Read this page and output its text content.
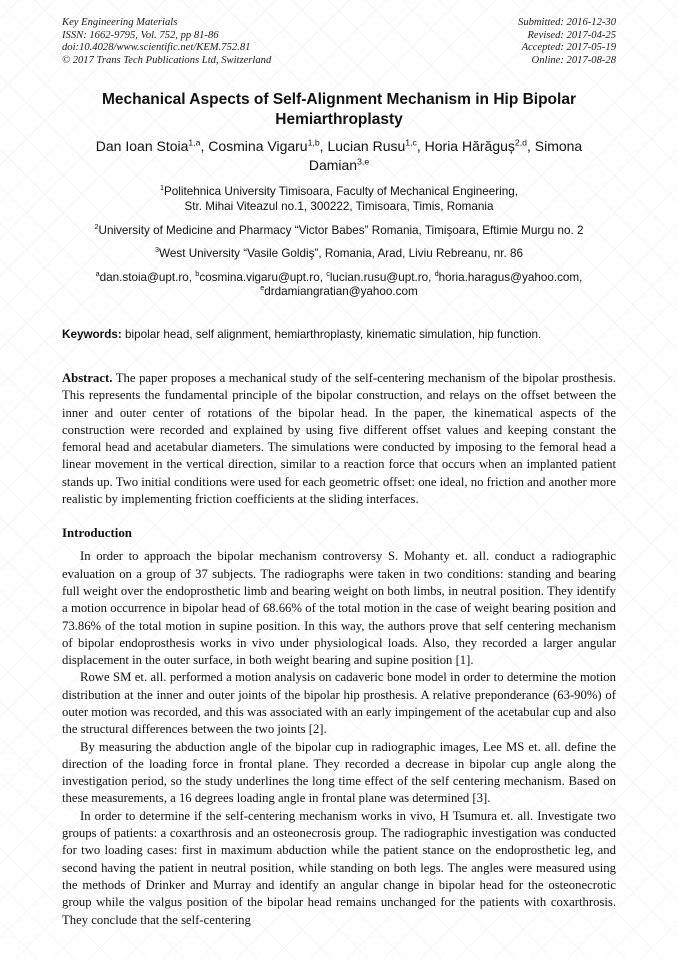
Key Engineering Materials
ISSN: 1662-9795, Vol. 752, pp 81-86
doi:10.4028/www.scientific.net/KEM.752.81
© 2017 Trans Tech Publications Ltd, Switzerland
Submitted: 2016-12-30
Revised: 2017-04-25
Accepted: 2017-05-19
Online: 2017-08-28
Mechanical Aspects of Self-Alignment Mechanism in Hip Bipolar Hemiarthroplasty
Dan Ioan Stoia$^{1,a}$, Cosmina Vigaru$^{1,b}$, Lucian Rusu$^{1,c}$, Horia Hărăguș$^{2,d}$, Simona Damian$^{3,e}$
$^1$Politehnica University Timisoara, Faculty of Mechanical Engineering,
Str. Mihai Viteazul no.1, 300222, Timisoara, Timis, Romania
$^2$University of Medicine and Pharmacy “Victor Babes” Romania, Timişoara, Eftimie Murgu no. 2
$^3$West University “Vasile Goldiş”, Romania, Arad, Liviu Rebreanu, nr. 86
$^a$dan.stoia@upt.ro, $^b$cosmina.vigaru@upt.ro, $^c$lucian.rusu@upt.ro, $^d$horia.haragus@yahoo.com, $^e$drdamiangratian@yahoo.com
Keywords: bipolar head, self alignment, hemiarthroplasty, kinematic simulation, hip function.
Abstract. The paper proposes a mechanical study of the self-centering mechanism of the bipolar prosthesis. This represents the fundamental principle of the bipolar construction, and relays on the offset between the inner and outer center of rotations of the bipolar head. In the paper, the kinematical aspects of the construction were recorded and explained by using five different offset values and keeping constant the femoral head and acetabular diameters. The simulations were conducted by imposing to the femoral head a linear movement in the vertical direction, similar to a reaction force that occurs when an implanted patient stands up. Two initial conditions were used for each geometric offset: one ideal, no friction and another more realistic by implementing friction coefficients at the sliding interfaces.
Introduction

In order to approach the bipolar mechanism controversy S. Mohanty et. all. conduct a radiographic evaluation on a group of 37 subjects. The radiographs were taken in two conditions: standing and bearing full weight over the endoprosthetic limb and bearing weight on both limbs, in neutral position. They identify a motion occurrence in bipolar head of 68.66% of the total motion in the case of weight bearing position and 73.86% of the total motion in supine position. In this way, the authors prove that self centering mechanism of bipolar endoprosthesis works in vivo under physiological loads. Also, they recorded a larger angular displacement in the outer surface, in both weight bearing and supine position [1].

Rowe SM et. all. performed a motion analysis on cadaveric bone model in order to determine the motion distribution at the inner and outer joints of the bipolar hip prosthesis. A relative preponderance (63-90%) of outer motion was recorded, and this was associated with an early impingement of the acetabular cup and also the structural differences between the two joints [2].

By measuring the abduction angle of the bipolar cup in radiographic images, Lee MS et. all. define the direction of the loading force in frontal plane. They recorded a decrease in bipolar cup angle along the investigation period, so the study underlines the long time effect of the self centering mechanism. Based on these measurements, a 16 degrees loading angle in frontal plane was determined [3].

In order to determine if the self-centering mechanism works in vivo, H Tsumura et. all. Investigate two groups of patients: a coxarthrosis and an osteonecrosis group. The radiographic investigation was conducted for two loading cases: first in maximum abduction while the patient stance on the endoprosthetic leg, and second having the patient in neutral position, while standing on both legs. The angles were measured using the methods of Drinker and Murray and identify an angular change in bipolar head for the osteonecrotic group while the valgus position of the bipolar head remains unchanged for the patients with coxarthrosis. They conclude that the self-centering
